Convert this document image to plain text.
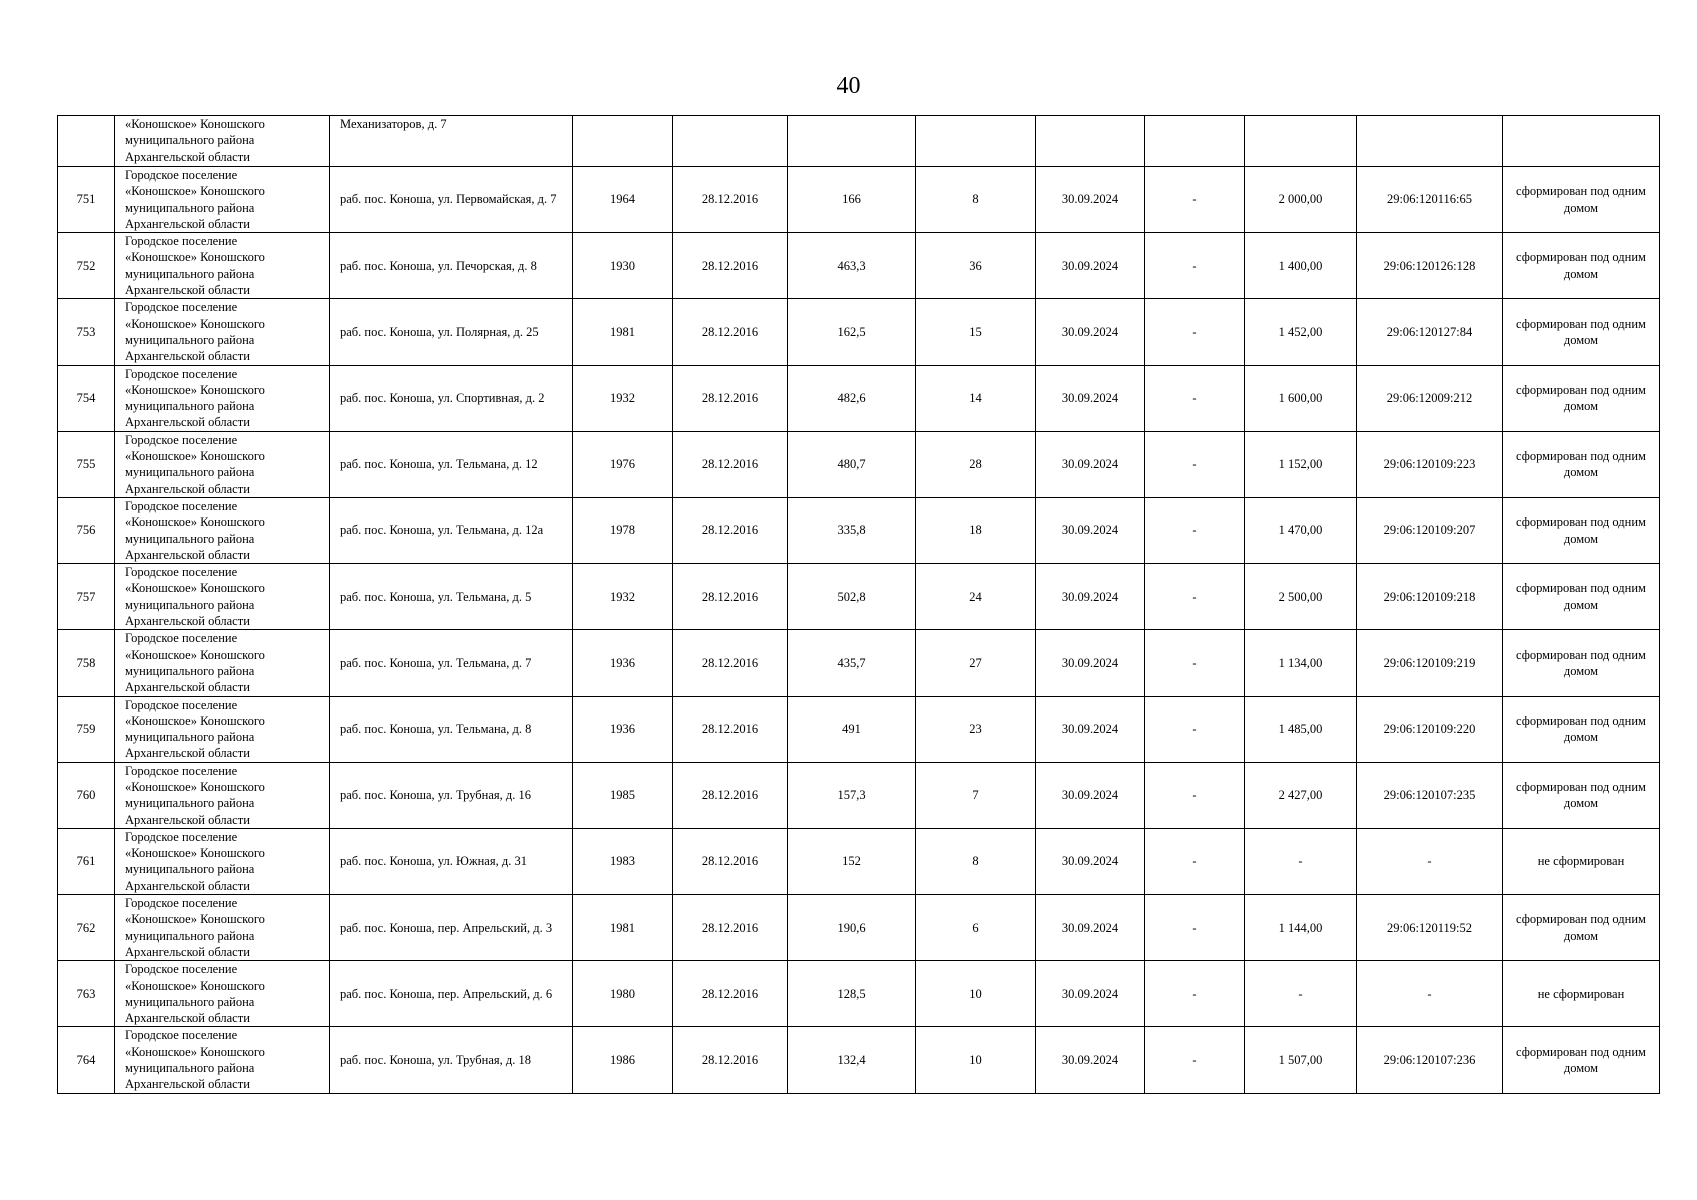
40
	«Коношское» Коношского
муниципального района
Архангельской области	Механизаторов, д. 7									
751	Городское поселение
«Коношское» Коношского
муниципального района
Архангельской области	раб. пос. Коноша, ул. Первомайская, д. 7	1964	28.12.2016	166	8	30.09.2024	-	2 000,00	29:06:120116:65	сформирован под одним домом
752	Городское поселение
«Коношское» Коношского
муниципального района
Архангельской области	раб. пос. Коноша, ул. Печорская, д. 8	1930	28.12.2016	463,3	36	30.09.2024	-	1 400,00	29:06:120126:128	сформирован под одним домом
753	Городское поселение
«Коношское» Коношского
муниципального района
Архангельской области	раб. пос. Коноша, ул. Полярная, д. 25	1981	28.12.2016	162,5	15	30.09.2024	-	1 452,00	29:06:120127:84	сформирован под одним домом
754	Городское поселение
«Коношское» Коношского
муниципального района
Архангельской области	раб. пос. Коноша, ул. Спортивная, д. 2	1932	28.12.2016	482,6	14	30.09.2024	-	1 600,00	29:06:12009:212	сформирован под одним домом
755	Городское поселение
«Коношское» Коношского
муниципального района
Архангельской области	раб. пос. Коноша, ул. Тельмана, д. 12	1976	28.12.2016	480,7	28	30.09.2024	-	1 152,00	29:06:120109:223	сформирован под одним домом
756	Городское поселение
«Коношское» Коношского
муниципального района
Архангельской области	раб. пос. Коноша, ул. Тельмана, д. 12а	1978	28.12.2016	335,8	18	30.09.2024	-	1 470,00	29:06:120109:207	сформирован под одним домом
757	Городское поселение
«Коношское» Коношского
муниципального района
Архангельской области	раб. пос. Коноша, ул. Тельмана, д. 5	1932	28.12.2016	502,8	24	30.09.2024	-	2 500,00	29:06:120109:218	сформирован под одним домом
758	Городское поселение
«Коношское» Коношского
муниципального района
Архангельской области	раб. пос. Коноша, ул. Тельмана, д. 7	1936	28.12.2016	435,7	27	30.09.2024	-	1 134,00	29:06:120109:219	сформирован под одним домом
759	Городское поселение
«Коношское» Коношского
муниципального района
Архангельской области	раб. пос. Коноша, ул. Тельмана, д. 8	1936	28.12.2016	491	23	30.09.2024	-	1 485,00	29:06:120109:220	сформирован под одним домом
760	Городское поселение
«Коношское» Коношского
муниципального района
Архангельской области	раб. пос. Коноша, ул. Трубная, д. 16	1985	28.12.2016	157,3	7	30.09.2024	-	2 427,00	29:06:120107:235	сформирован под одним домом
761	Городское поселение
«Коношское» Коношского
муниципального района
Архангельской области	раб. пос. Коноша, ул. Южная, д. 31	1983	28.12.2016	152	8	30.09.2024	-	-	-	не сформирован
762	Городское поселение
«Коношское» Коношского
муниципального района
Архангельской области	раб. пос. Коноша, пер. Апрельский, д. 3	1981	28.12.2016	190,6	6	30.09.2024	-	1 144,00	29:06:120119:52	сформирован под одним домом
763	Городское поселение
«Коношское» Коношского
муниципального района
Архангельской области	раб. пос. Коноша, пер. Апрельский, д. 6	1980	28.12.2016	128,5	10	30.09.2024	-	-	-	не сформирован
764	Городское поселение
«Коношское» Коношского
муниципального района
Архангельской области	раб. пос. Коноша, ул. Трубная, д. 18	1986	28.12.2016	132,4	10	30.09.2024	-	1 507,00	29:06:120107:236	сформирован под одним домом
